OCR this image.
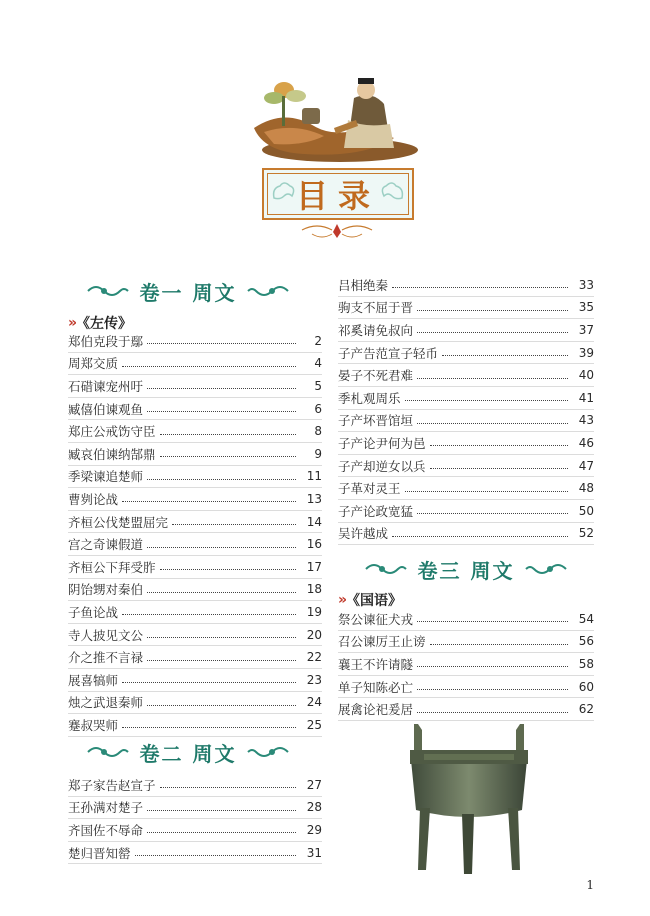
目录
卷一 周文
» 《左传》
郑伯克段于鄢	2
周郑交质	4
石碏谏宠州吁	5
臧僖伯谏观鱼	6
郑庄公戒饬守臣	8
臧哀伯谏纳郜鼎	9
季梁谏追楚师	11
曹刿论战	13
齐桓公伐楚盟屈完	14
宫之奇谏假道	16
齐桓公下拜受胙	17
阴饴甥对秦伯	18
子鱼论战	19
寺人披见文公	20
介之推不言禄	22
展喜犒师	23
烛之武退秦师	24
蹇叔哭师	25
卷二 周文
郑子家告赵宣子	27
王孙满对楚子	28
齐国佐不辱命	29
楚归晋知罃	31
吕相绝秦	33
驹支不屈于晋	35
祁奚请免叔向	37
子产告范宣子轻币	39
晏子不死君难	40
季札观周乐	41
子产坏晋馆垣	43
子产论尹何为邑	46
子产却逆女以兵	47
子革对灵王	48
子产论政宽猛	50
吴许越成	52
卷三 周文
» 《国语》
祭公谏征犬戎	54
召公谏厉王止谤	56
襄王不许请隧	58
单子知陈必亡	60
展禽论祀爰居	62
1
